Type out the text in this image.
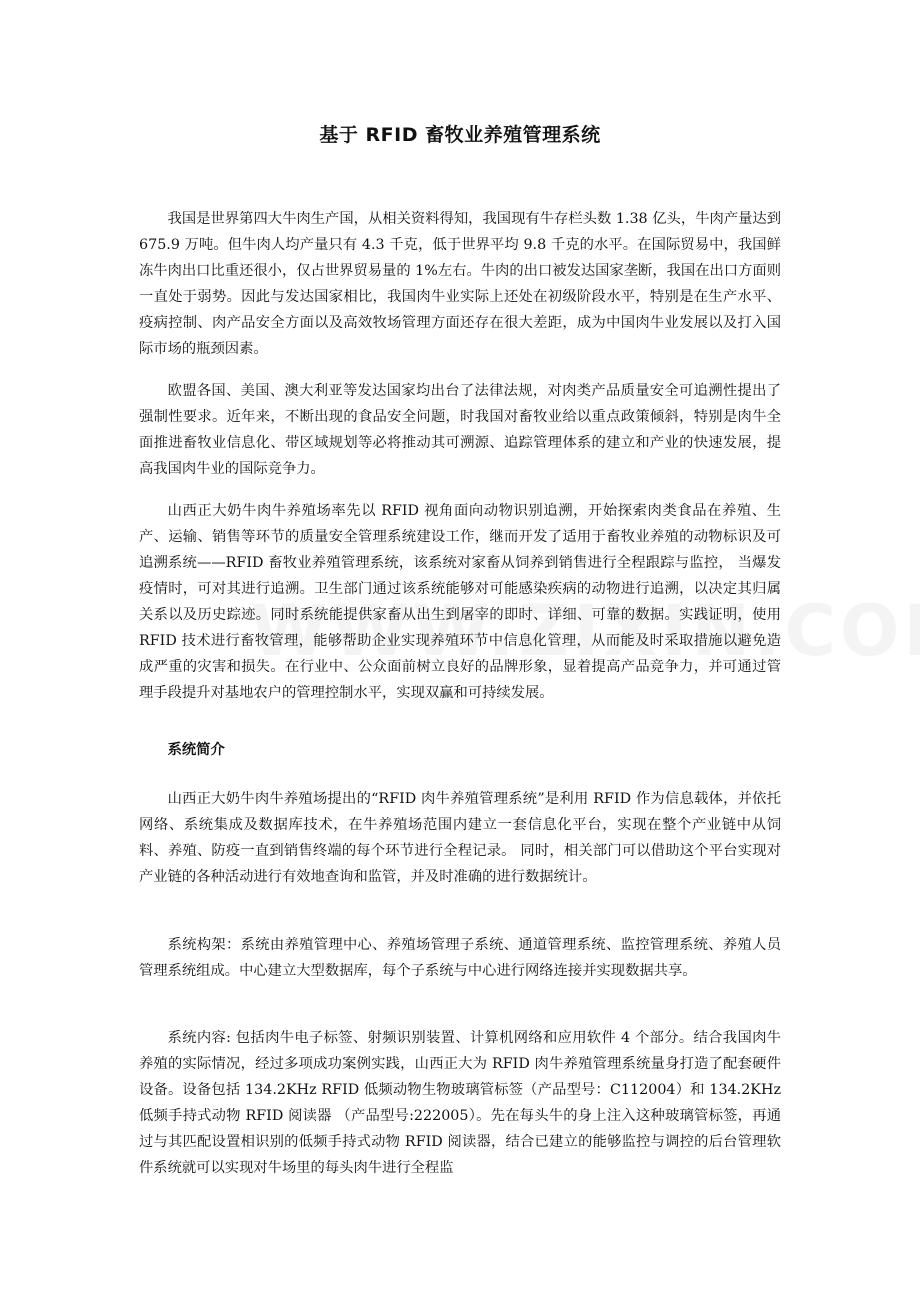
基于 RFID 畜牧业养殖管理系统

我国是世界第四大牛肉生产国，从相关资料得知，我国现有牛存栏头数 1.38 亿头，牛肉产量达到 675.9 万吨。但牛肉人均产量只有 4.3 千克，低于世界平均 9.8 千克的水平。在国际贸易中，我国鲜冻牛肉出口比重还很小，仅占世界贸易量的 1%左右。牛肉的出口被发达国家垄断，我国在出口方面则一直处于弱势。因此与发达国家相比，我国肉牛业实际上还处在初级阶段水平，特别是在生产水平、疫病控制、肉产品安全方面以及高效牧场管理方面还存在很大差距，成为中国肉牛业发展以及打入国际市场的瓶颈因素。

欧盟各国、美国、澳大利亚等发达国家均出台了法律法规，对肉类产品质量安全可追溯性提出了强制性要求。近年来，不断出现的食品安全问题，时我国对畜牧业给以重点政策倾斜，特别是肉牛全面推进畜牧业信息化、带区域规划等必将推动其可溯源、追踪管理体系的建立和产业的快速发展，提高我国肉牛业的国际竞争力。

山西正大奶牛肉牛养殖场率先以 RFID 视角面向动物识别追溯，开始探索肉类食品在养殖、生产、运输、销售等环节的质量安全管理系统建设工作，继而开发了适用于畜牧业养殖的动物标识及可追溯系统——RFID 畜牧业养殖管理系统，该系统对家畜从饲养到销售进行全程跟踪与监控， 当爆发疫情时，可对其进行追溯。卫生部门通过该系统能够对可能感染疾病的动物进行追溯，以决定其归属关系以及历史踪迹。同时系统能提供家畜从出生到屠宰的即时、详细、可靠的数据。实践证明，使用 RFID 技术进行畜牧管理，能够帮助企业实现养殖环节中信息化管理，从而能及时采取措施以避免造成严重的灾害和损失。在行业中、公众面前树立良好的品牌形象，显着提高产品竞争力，并可通过管理手段提升对基地农户的管理控制水平，实现双赢和可持续发展。

系统简介

山西正大奶牛肉牛养殖场提出的“RFID 肉牛养殖管理系统”是利用 RFID 作为信息载体，并依托网络、系统集成及数据库技术，在牛养殖场范围内建立一套信息化平台，实现在整个产业链中从饲料、养殖、防疫一直到销售终端的每个环节进行全程记录。 同时，相关部门可以借助这个平台实现对产业链的各种活动进行有效地查询和监管，并及时准确的进行数据统计。

系统构架：系统由养殖管理中心、养殖场管理子系统、通道管理系统、监控管理系统、养殖人员管理系统组成。中心建立大型数据库，每个子系统与中心进行网络连接并实现数据共享。

系统内容: 包括肉牛电子标签、射频识别装置、计算机网络和应用软件 4 个部分。结合我国肉牛养殖的实际情况，经过多项成功案例实践，山西正大为 RFID 肉牛养殖管理系统量身打造了配套硬件设备。设备包括 134.2KHz RFID 低频动物生物玻璃管标签（产品型号：C112004）和 134.2KHz 低频手持式动物 RFID 阅读器 （产品型号:222005）。先在每头牛的身上注入这种玻璃管标签，再通过与其匹配设置相识别的低频手持式动物 RFID 阅读器，结合已建立的能够监控与调控的后台管理软件系统就可以实现对牛场里的每头肉牛进行全程监
